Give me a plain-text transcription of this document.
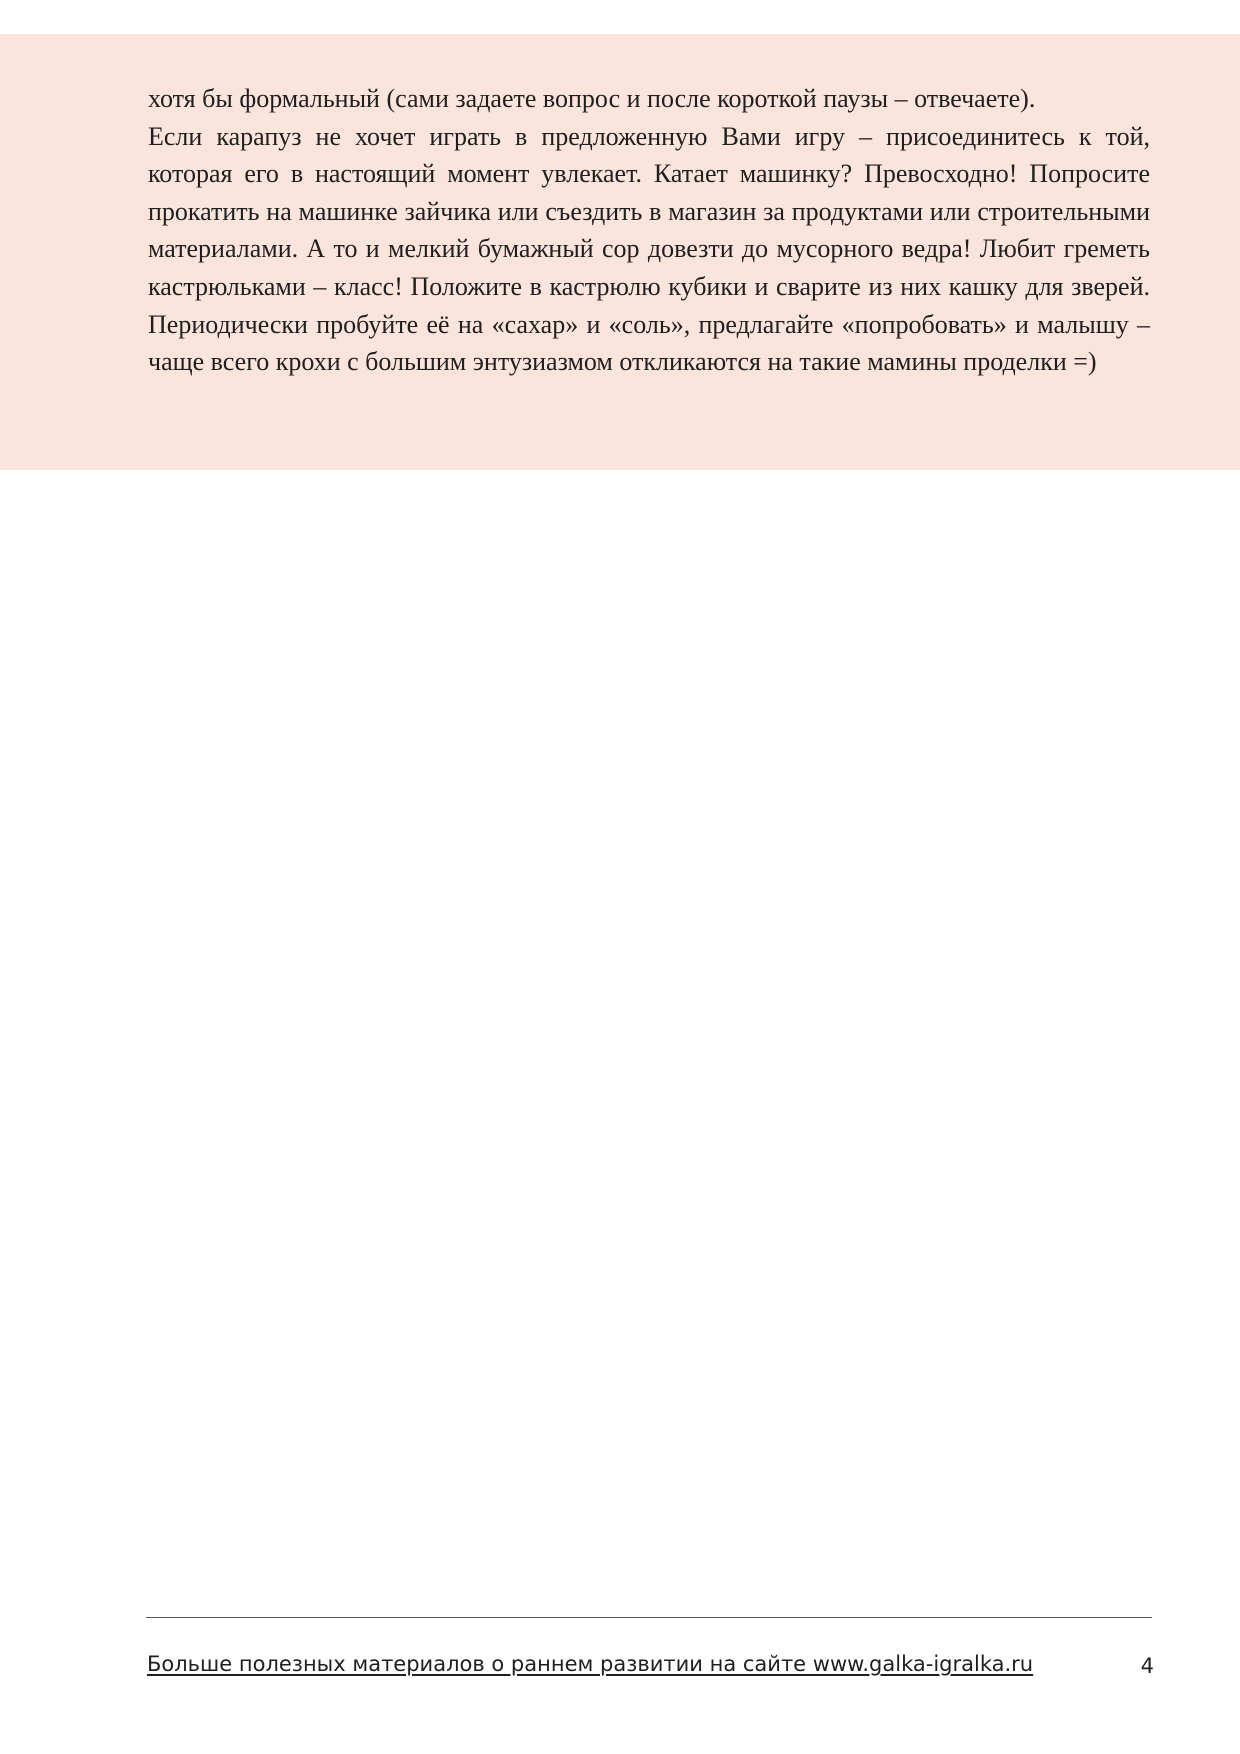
хотя бы формальный (сами задаете вопрос и после короткой паузы – отвечаете).

Если карапуз не хочет играть в предложенную Вами игру – присоединитесь к той, которая его в настоящий момент увлекает. Катает машинку? Превосходно! Попросите прокатить на машинке зайчика или съездить в магазин за продуктами или строительными материалами. А то и мелкий бумажный сор довезти до мусорного ведра! Любит греметь кастрюльками – класс! Положите в кастрюлю кубики и сварите из них кашку для зверей. Периодически пробуйте её на «сахар» и «соль», предлагайте «попробовать» и малышу – чаще всего крохи с большим энтузиазмом откликаются на такие мамины проделки =)

Больше полезных материалов о раннем развитии на сайте www.galka-igralka.ru	4
